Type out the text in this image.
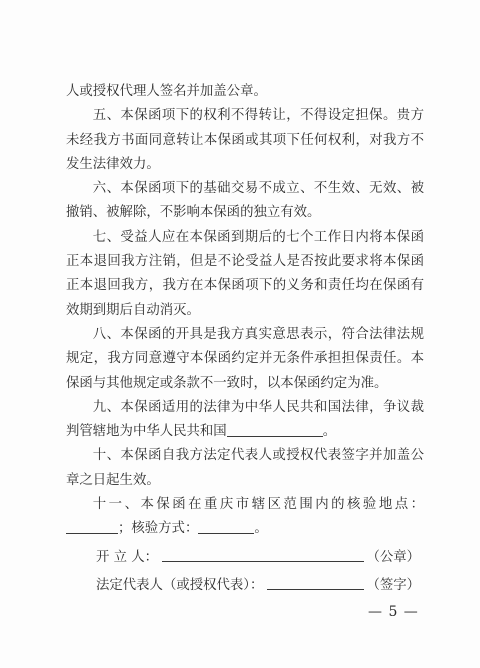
人或授权代理人签名并加盖公章。

五、本保函项下的权利不得转让，不得设定担保。贵方未经我方书面同意转让本保函或其项下任何权利，对我方不发生法律效力。

六、本保函项下的基础交易不成立、不生效、无效、被撤销、被解除，不影响本保函的独立有效。

七、受益人应在本保函到期后的七个工作日内将本保函正本退回我方注销，但是不论受益人是否按此要求将本保函正本退回我方，我方在本保函项下的义务和责任均在保函有效期到期后自动消灭。

八、本保函的开具是我方真实意思表示，符合法律法规规定，我方同意遵守本保函约定并无条件承担担保责任。本保函与其他规定或条款不一致时，以本保函约定为准。

九、本保函适用的法律为中华人民共和国法律，争议裁判管辖地为中华人民共和国	。

十、本保函自我方法定代表人或授权代表签字并加盖公章之日起生效。

十一、本保函在重庆市辖区范围内的核验地点：；核验方式：	。

开 立 人：	（公章）
法定代表人（或授权代表）：	（签字）
— 5 —
